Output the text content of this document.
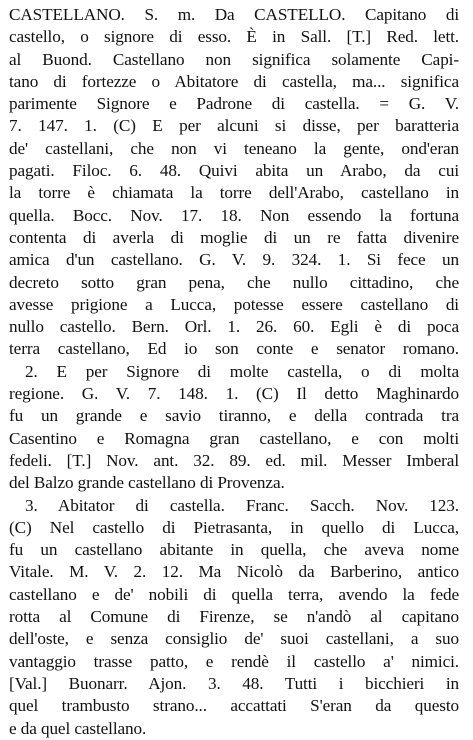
CASTELLANO. S. m. Da CASTELLO. Capitano di
castello, o signore di esso. È in Sall. [T.] Red. lett.
al Buond. Castellano non significa solamente Capi-
tano di fortezze o Abitatore di castella, ma... significa
parimente Signore e Padrone di castella. = G. V.
7. 147. 1. (C) E per alcuni si disse, per baratteria
de' castellani, che non vi teneano la gente, ond'eran
pagati. Filoc. 6. 48. Quivi abita un Arabo, da cui
la torre è chiamata la torre dell'Arabo, castellano in
quella. Bocc. Nov. 17. 18. Non essendo la fortuna
contenta di averla di moglie di un re fatta divenire
amica d'un castellano. G. V. 9. 324. 1. Si fece un
decreto sotto gran pena, che nullo cittadino, che
avesse prigione a Lucca, potesse essere castellano di
nullo castello. Bern. Orl. 1. 26. 60. Egli è di poca
terra castellano, Ed io son conte e senator romano.
2. E per Signore di molte castella, o di molta
regione. G. V. 7. 148. 1. (C) Il detto Maghinardo
fu un grande e savio tiranno, e della contrada tra
Casentino e Romagna gran castellano, e con molti
fedeli. [T.] Nov. ant. 32. 89. ed. mil. Messer Imberal
del Balzo grande castellano di Provenza.
3. Abitator di castella. Franc. Sacch. Nov. 123.
(C) Nel castello di Pietrasanta, in quello di Lucca,
fu un castellano abitante in quella, che aveva nome
Vitale. M. V. 2. 12. Ma Nicolò da Barberino, antico
castellano e de' nobili di quella terra, avendo la fede
rotta al Comune di Firenze, se n'andò al capitano
dell'oste, e senza consiglio de' suoi castellani, a suo
vantaggio trasse patto, e rendè il castello a' nimici.
[Val.] Buonarr. Ajon. 3. 48. Tutti i bicchieri in
quel trambusto strano... accattati S'eran da questo
e da quel castellano.
